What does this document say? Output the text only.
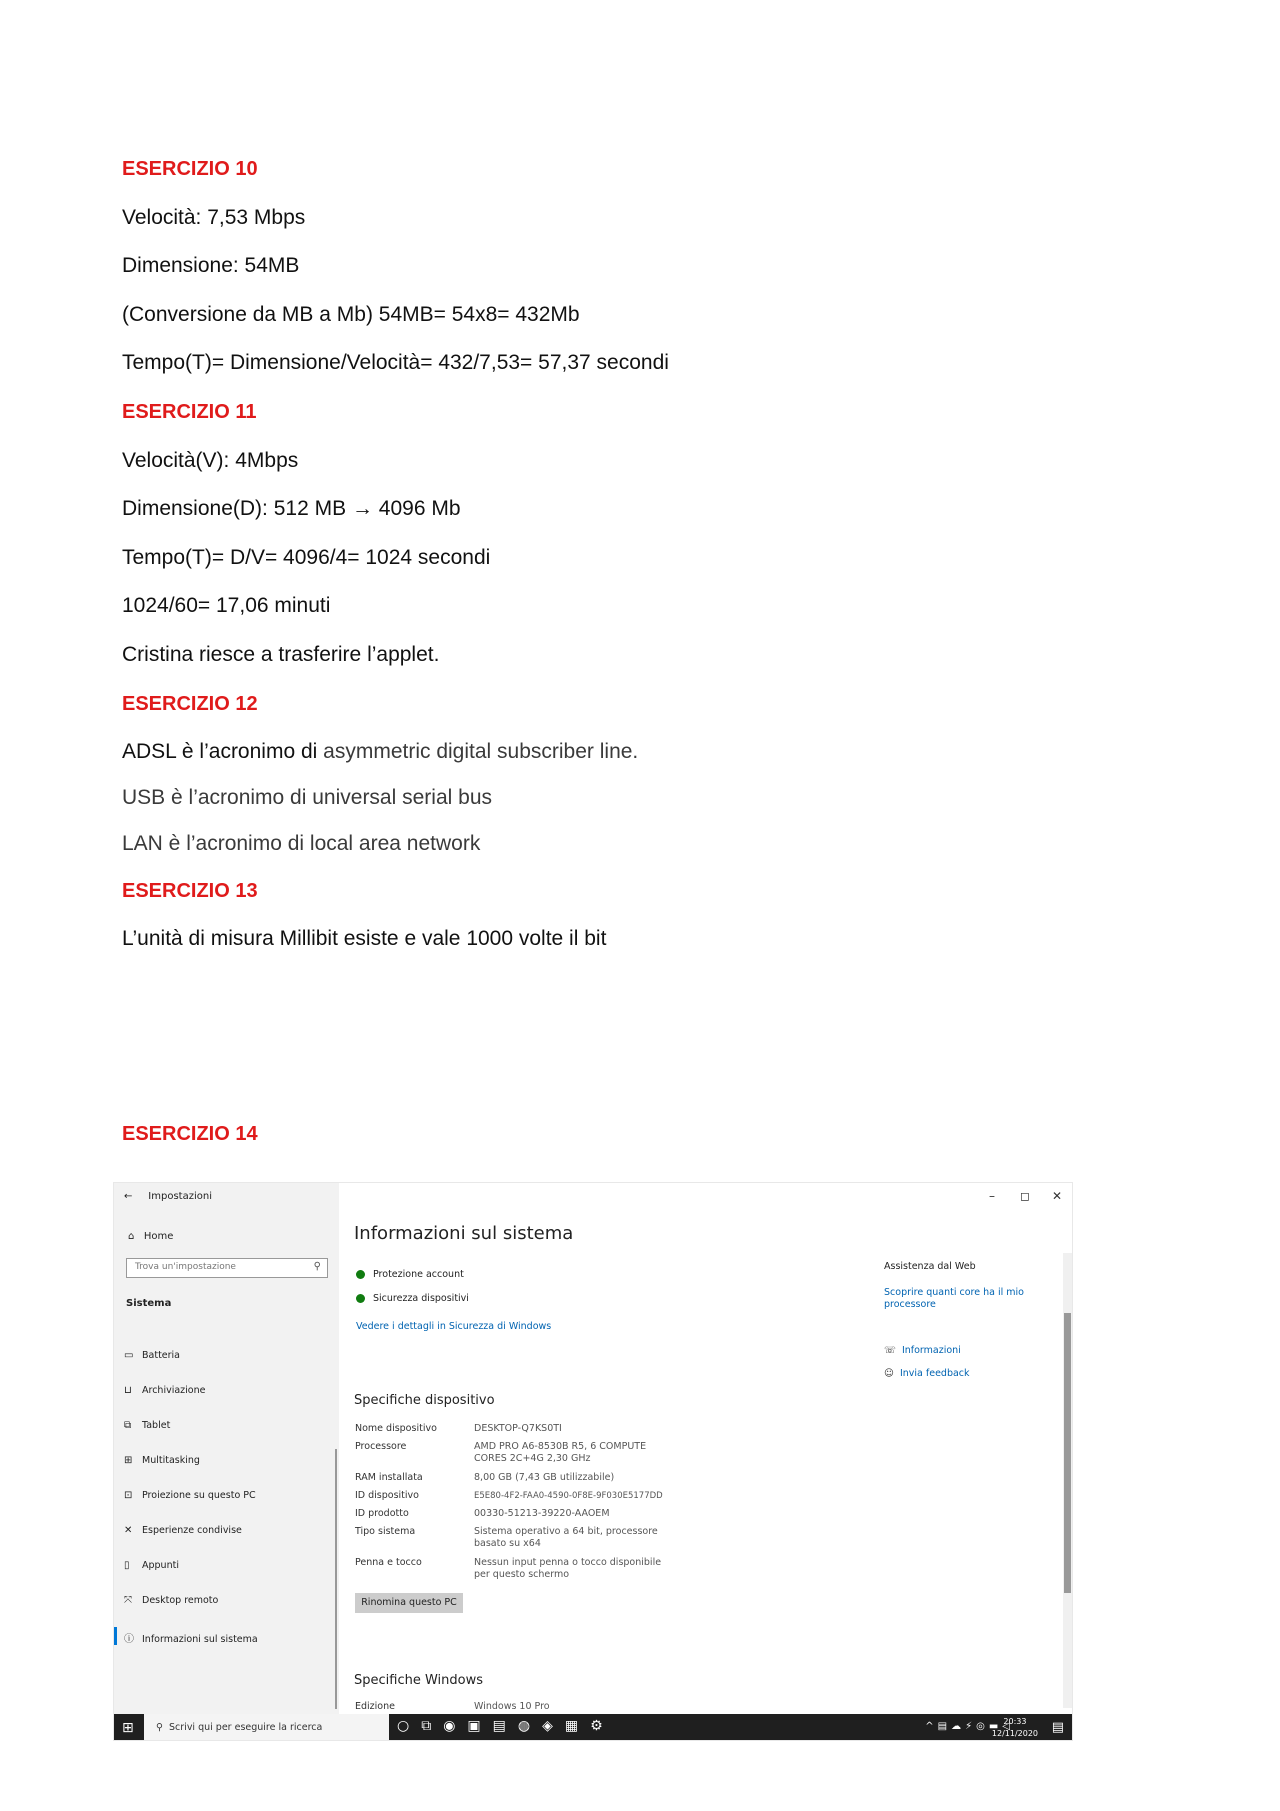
ESERCIZIO 10
Velocità: 7,53 Mbps
Dimensione: 54MB
(Conversione da MB a Mb) 54MB= 54x8= 432Mb
Tempo(T)= Dimensione/Velocità= 432/7,53= 57,37 secondi
ESERCIZIO 11
Velocità(V): 4Mbps
Dimensione(D): 512 MB → 4096 Mb
Tempo(T)= D/V= 4096/4= 1024 secondi
1024/60= 17,06 minuti
Cristina riesce a trasferire l’applet.
ESERCIZIO 12
ADSL è l’acronimo di asymmetric digital subscriber line.
USB è l’acronimo di universal serial bus
LAN è l’acronimo di local area network
ESERCIZIO 13
L’unità di misura Millibit esiste e vale 1000 volte il bit
ESERCIZIO 14
← Impostazioni
⌂ Home
Trova un'impostazione	⚲
Sistema
▭ Batteria
⊔ Archiviazione
⧉ Tablet
⊞ Multitasking
⊡ Proiezione su questo PC
✕ Esperienze condivise
▯ Appunti
⤧ Desktop remoto
ⓘ Informazioni sul sistema
– ◻ ✕
Informazioni sul sistema
Protezione account
Sicurezza dispositivi
Vedere i dettagli in Sicurezza di Windows
Specifiche dispositivo
Nome dispositivo	DESKTOP-Q7KS0TI
Processore	AMD PRO A6-8530B R5, 6 COMPUTE CORES 2C+4G 2,30 GHz
RAM installata	8,00 GB (7,43 GB utilizzabile)
ID dispositivo	E5E80-4F2-FAA0-4590-0F8E-9F030E5177DD
ID prodotto	00330-51213-39220-AAOEM
Tipo sistema	Sistema operativo a 64 bit, processore basato su x64
Penna e tocco	Nessun input penna o tocco disponibile per questo schermo
Rinomina questo PC
Specifiche Windows
Edizione	Windows 10 Pro
Assistenza dal Web
Scoprire quanti core ha il mio processore
☏ Informazioni
☺ Invia feedback
⊞	⚲ Scrivi qui per eseguire la ricerca	○⧉◉▣▤◍◈▦⚙	^▤☁⚡◎▬◁
20:33
12/11/2020 ▤
